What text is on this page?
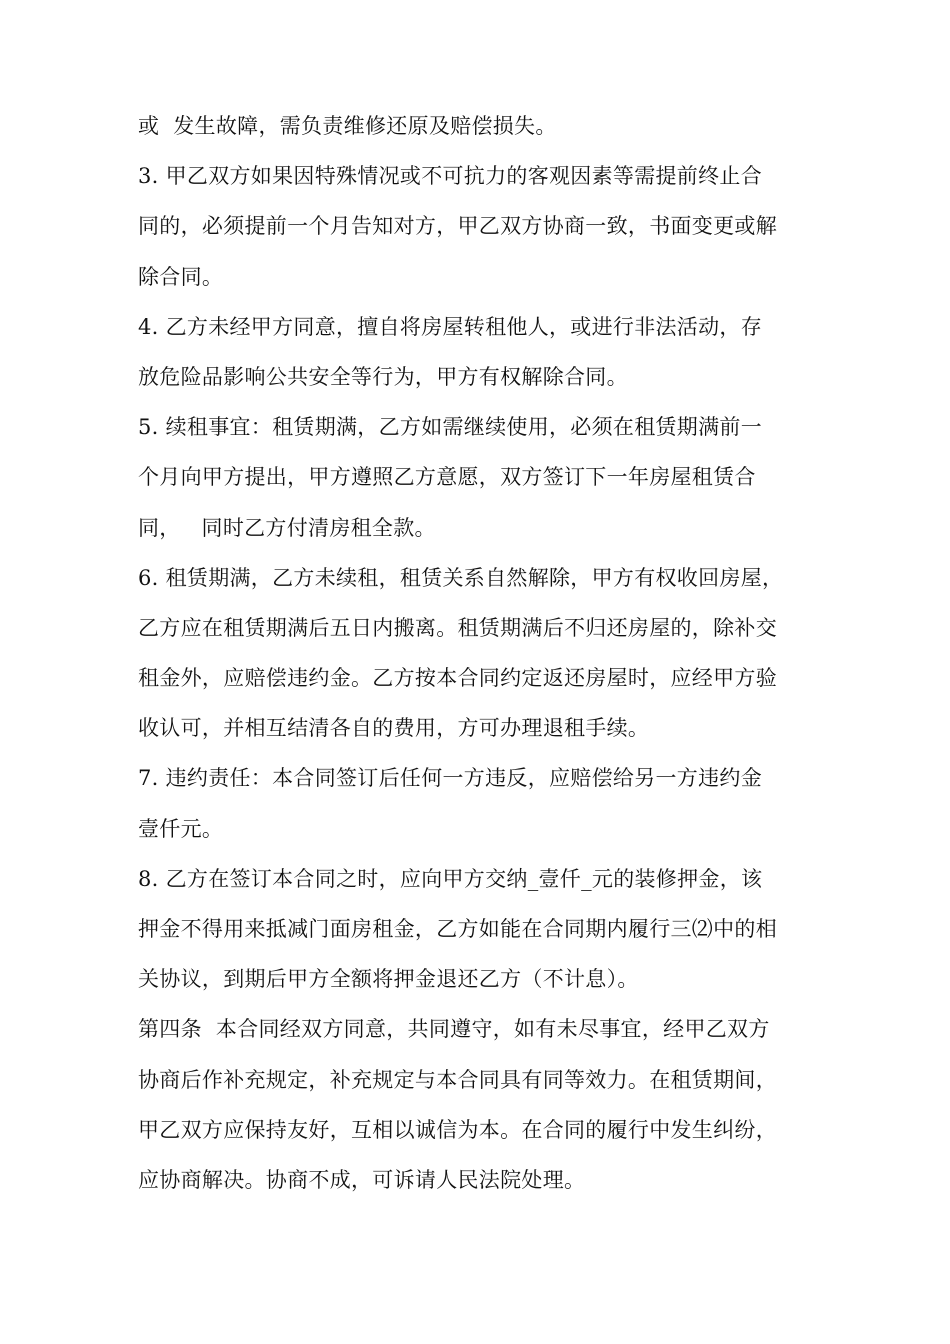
或  发生故障，需负责维修还原及赔偿损失。
3. 甲乙双方如果因特殊情况或不可抗力的客观因素等需提前终止合
同的，必须提前一个月告知对方，甲乙双方协商一致，书面变更或解
除合同。
4. 乙方未经甲方同意，擅自将房屋转租他人，或进行非法活动，存
放危险品影响公共安全等行为，甲方有权解除合同。
5. 续租事宜：租赁期满，乙方如需继续使用，必须在租赁期满前一
个月向甲方提出，甲方遵照乙方意愿，双方签订下一年房屋租赁合
同，   同时乙方付清房租全款。
6. 租赁期满，乙方未续租，租赁关系自然解除，甲方有权收回房屋，
乙方应在租赁期满后五日内搬离。租赁期满后不归还房屋的，除补交
租金外，应赔偿违约金。乙方按本合同约定返还房屋时，应经甲方验
收认可，并相互结清各自的费用，方可办理退租手续。
7. 违约责任：本合同签订后任何一方违反，应赔偿给另一方违约金
壹仟元。
8. 乙方在签订本合同之时，应向甲方交纳_壹仟_元的装修押金，该
押金不得用来抵减门面房租金，乙方如能在合同期内履行三⑵中的相
关协议，到期后甲方全额将押金退还乙方（不计息）。
第四条  本合同经双方同意，共同遵守，如有未尽事宜，经甲乙双方
协商后作补充规定，补充规定与本合同具有同等效力。在租赁期间，
甲乙双方应保持友好，互相以诚信为本。在合同的履行中发生纠纷，
应协商解决。协商不成，可诉请人民法院处理。
